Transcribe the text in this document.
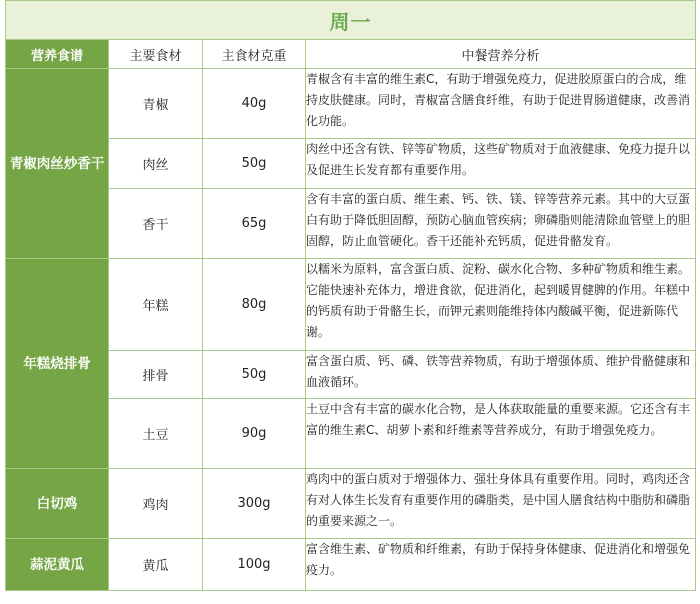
周一			
营养食谱	主要食材	主食材克重	中餐营养分析
青椒肉丝炒香干	青椒	40g	青椒含有丰富的维生素C，有助于增强免疫力，促进胶原蛋白的合成，维持皮肤健康。同时，青椒富含膳食纤维，有助于促进胃肠道健康，改善消化功能。
	肉丝	50g	肉丝中还含有铁、锌等矿物质，这些矿物质对于血液健康、免疫力提升以及促进生长发育都有重要作用。
	香干	65g	含有丰富的蛋白质、维生素、钙、铁、镁、锌等营养元素。其中的大豆蛋白有助于降低胆固醇，预防心脑血管疾病；卵磷脂则能清除血管壁上的胆固醇，防止血管硬化。香干还能补充钙质，促进骨骼发育。
年糕烧排骨	年糕	80g	以糯米为原料，富含蛋白质、淀粉、碳水化合物、多种矿物质和维生素。它能快速补充体力，增进食欲，促进消化，起到暖胃健脾的作用。年糕中的钙质有助于骨骼生长，而钾元素则能维持体内酸碱平衡，促进新陈代谢。
	排骨	50g	富含蛋白质、钙、磷、铁等营养物质，有助于增强体质、维护骨骼健康和血液循环。
	土豆	90g	土豆中含有丰富的碳水化合物，是人体获取能量的重要来源。它还含有丰富的维生素C、胡萝卜素和纤维素等营养成分，有助于增强免疫力。
白切鸡	鸡肉	300g	鸡肉中的蛋白质对于增强体力、强壮身体具有重要作用。同时，鸡肉还含有对人体生长发育有重要作用的磷脂类，是中国人膳食结构中脂肪和磷脂的重要来源之一。
蒜泥黄瓜	黄瓜	100g	富含维生素、矿物质和纤维素，有助于保持身体健康、促进消化和增强免疫力。
